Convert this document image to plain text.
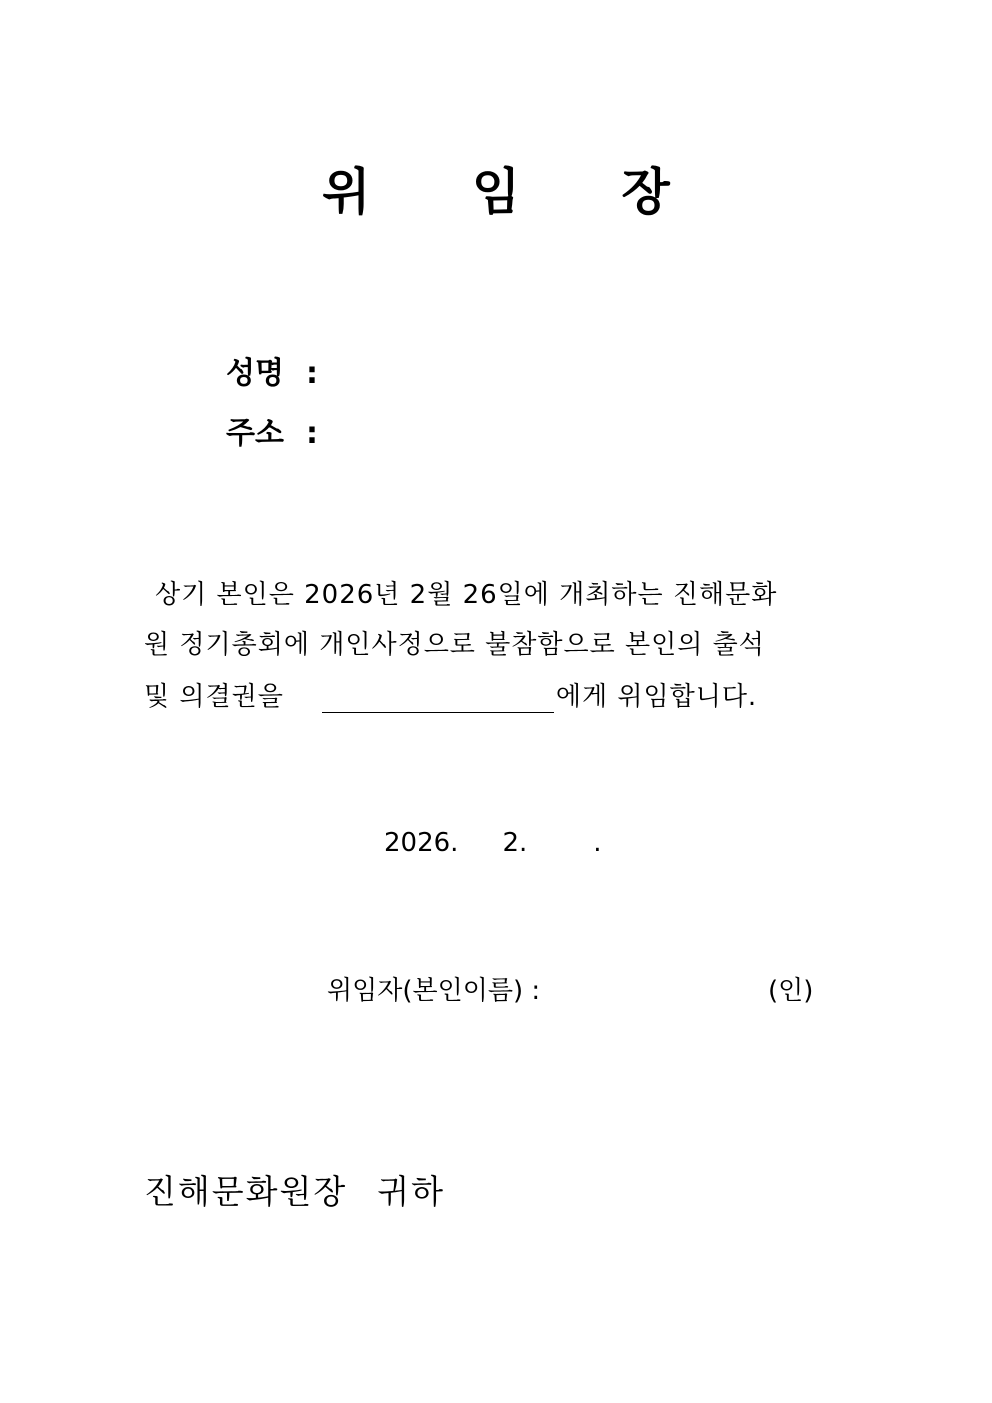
위 임 장
성명 :
주소 :
상기 본인은 2026년 2월 26일에 개최하는 진해문화
원 정기총회에 개인사정으로 불참함으로 본인의 출석
및 의결권을	에게 위임합니다.
2026. 2.	.
위임자(본인이름) :	(인)
진해문화원장 귀하
